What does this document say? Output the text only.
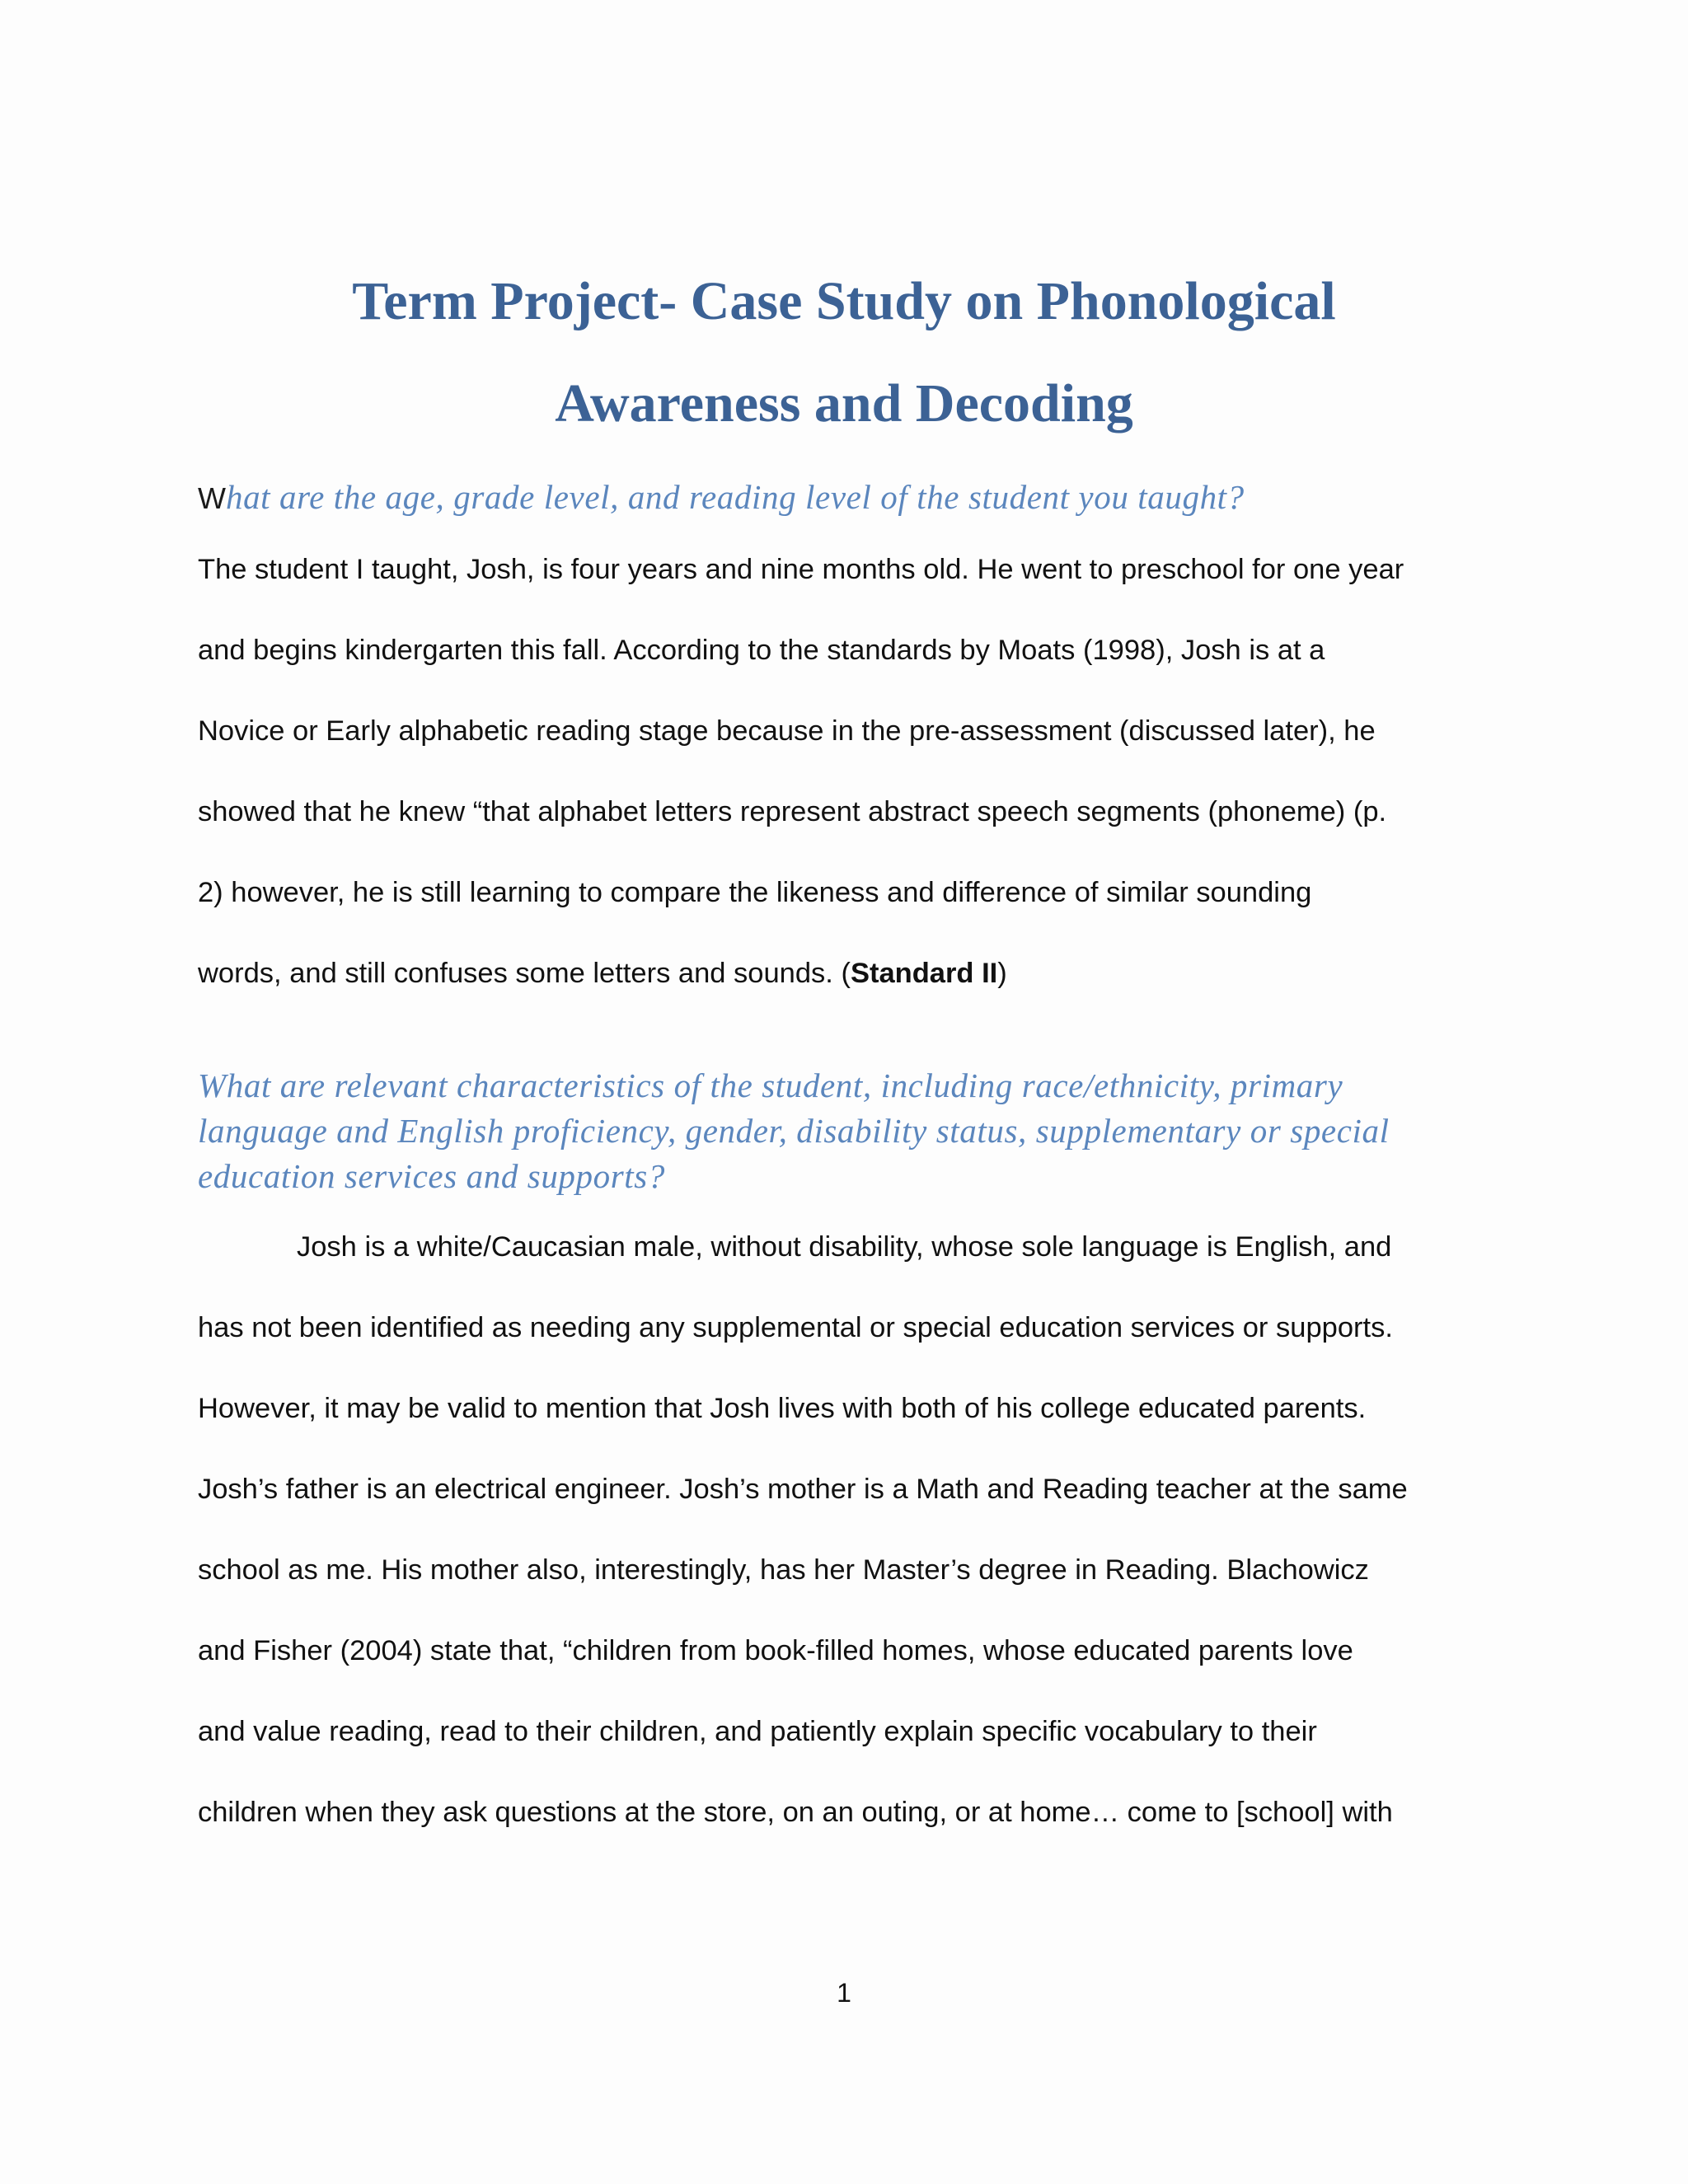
Term Project- Case Study on Phonological
Awareness and Decoding

What are the age, grade level, and reading level of the student you taught?

The student I taught, Josh, is four years and nine months old. He went to preschool for one year
and begins kindergarten this fall. According to the standards by Moats (1998), Josh is at a
Novice or Early alphabetic reading stage because in the pre-assessment (discussed later), he
showed that he knew “that alphabet letters represent abstract speech segments (phoneme) (p.
2) however, he is still learning to compare the likeness and difference of similar sounding
words, and still confuses some letters and sounds. (Standard II)
What are relevant characteristics of the student, including race/ethnicity, primary
language and English proficiency, gender, disability status, supplementary or special
education services and supports?
Josh is a white/Caucasian male, without disability, whose sole language is English, and
has not been identified as needing any supplemental or special education services or supports.
However, it may be valid to mention that Josh lives with both of his college educated parents.
Josh’s father is an electrical engineer. Josh’s mother is a Math and Reading teacher at the same
school as me. His mother also, interestingly, has her Master’s degree in Reading. Blachowicz
and Fisher (2004) state that, “children from book-filled homes, whose educated parents love
and value reading, read to their children, and patiently explain specific vocabulary to their
children when they ask questions at the store, on an outing, or at home… come to [school] with
1
